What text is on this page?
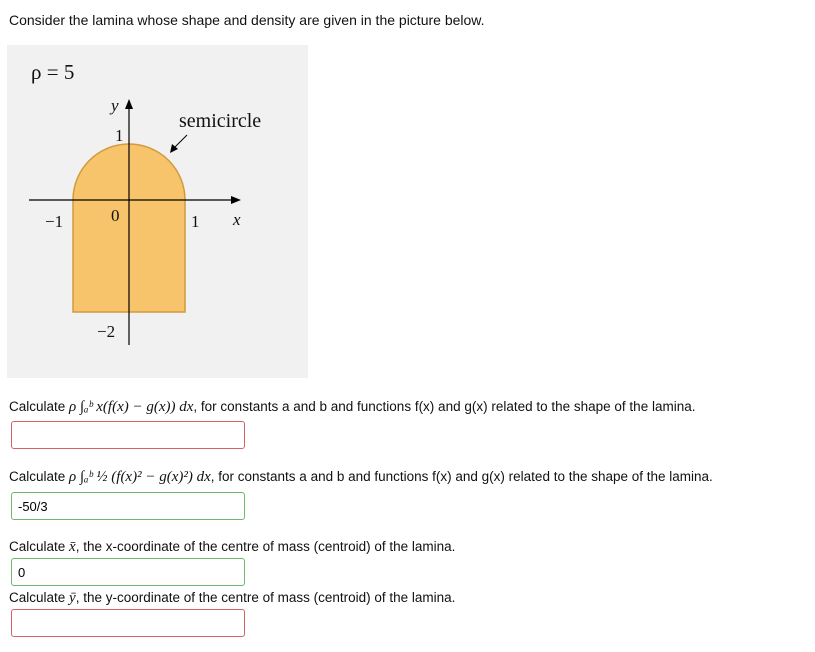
Consider the lamina whose shape and density are given in the picture below.
ρ = 5
y
x
−1	0	1
1
−2
semicircle
Calculate ρ ∫ₐᵇ x(f(x) − g(x)) dx, for constants a and b and functions f(x) and g(x) related to the shape of the lamina.
Calculate ρ ∫ₐᵇ ½ (f(x)² − g(x)²) dx, for constants a and b and functions f(x) and g(x) related to the shape of the lamina.
-50/3
Calculate x̄, the x-coordinate of the centre of mass (centroid) of the lamina.
0
Calculate ȳ, the y-coordinate of the centre of mass (centroid) of the lamina.
